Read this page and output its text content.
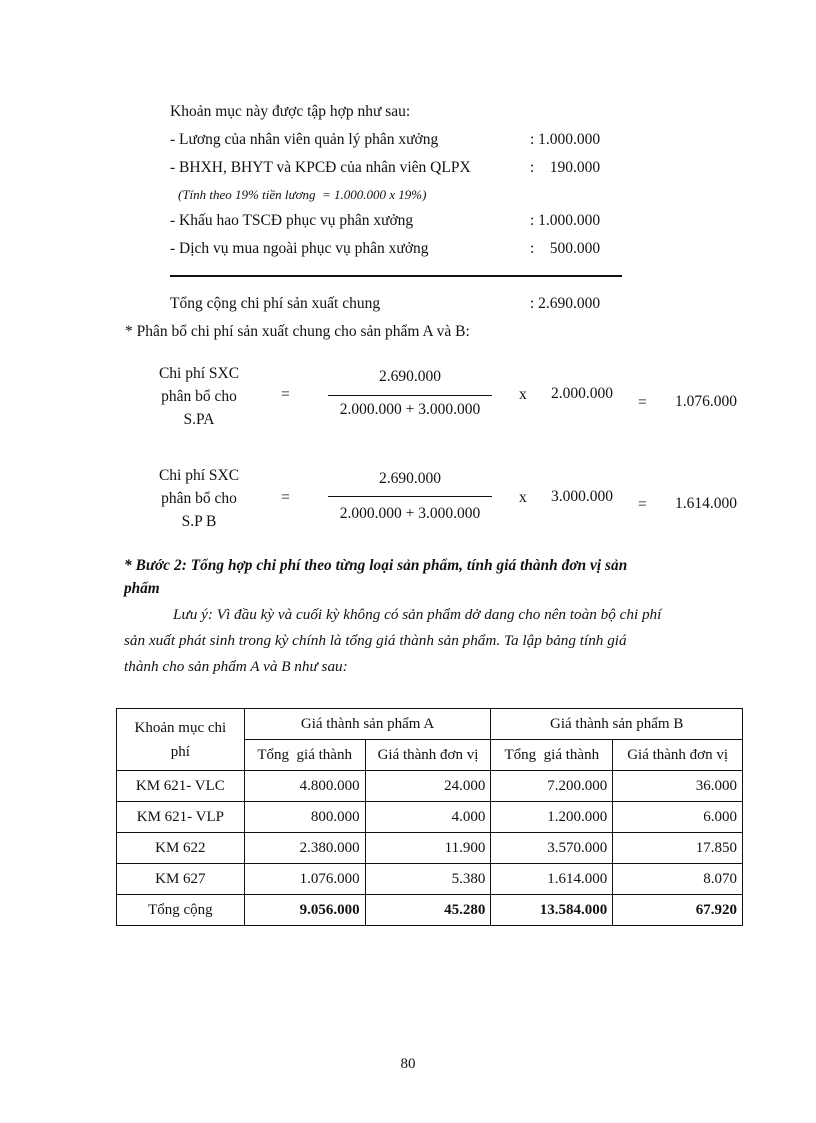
Khoản mục này được tập hợp như sau:
- Lương của nhân viên quản lý phân xưởng	: 1.000.000
- BHXH, BHYT và KPCĐ của nhân viên QLPX	:    190.000
(Tính theo 19% tiền lương  = 1.000.000 x 19%)
- Khấu hao TSCĐ phục vụ phân xưởng	: 1.000.000
- Dịch vụ mua ngoài phục vụ phân xưởng	:    500.000
Tổng cộng chi phí sản xuất chung	: 2.690.000
* Phân bổ chi phí sản xuất chung cho sản phẩm A và B:
Chi phí SXC
phân bổ cho
S.PA
=
2.690.000
2.000.000 + 3.000.000
x 2.000.000
= 1.076.000
Chi phí SXC
phân bổ cho
S.P B
=
2.690.000
2.000.000 + 3.000.000
x 3.000.000 = 1.614.000
* Bước 2: Tổng hợp chi phí theo từng loại sản phẩm, tính giá thành đơn vị sản
phẩm
Lưu ý: Vì đầu kỳ và cuối kỳ không có sản phẩm dở dang cho nên toàn bộ chi phí
sản xuất phát sinh trong kỳ chính là tổng giá thành sản phẩm. Ta lập bảng tính giá
thành cho sản phẩm A và B như sau:
Khoản mục chi
phí	Giá thành sản phẩm A		Giá thành sản phẩm B	
	Tổng  giá thành	Giá thành đơn vị	Tổng  giá thành	Giá thành đơn vị
KM 621- VLC	4.800.000	24.000	7.200.000	36.000
KM 621- VLP	800.000	4.000	1.200.000	6.000
KM 622	2.380.000	11.900	3.570.000	17.850
KM 627	1.076.000	5.380	1.614.000	8.070
Tổng cộng	9.056.000	45.280	13.584.000	67.920
80
